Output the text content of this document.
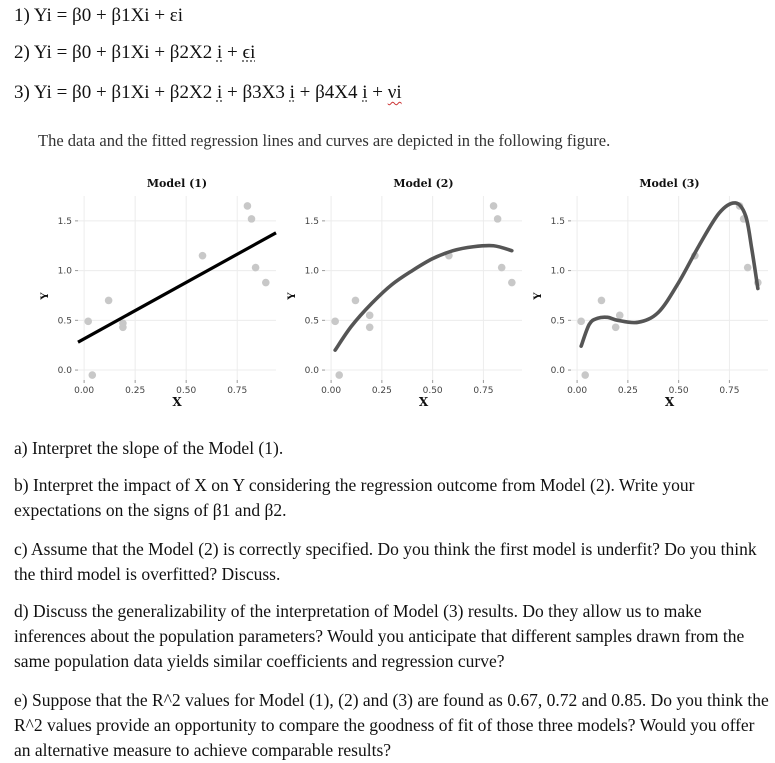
1) Yi = β0 + β1Xi + εi
2) Yi = β0 + β1Xi + β2X2 i + ϵi
3) Yi = β0 + β1Xi + β2X2 i + β3X3 i + β4X4 i + νi
The data and the fitted regression lines and curves are depicted in the following figure.
0.0
0.5
1.0
1.5
0.00	0.25	0.50	0.75
Model (1)
X
Y
0.0
0.5
1.0
1.5
0.00	0.25	0.50	0.75
Model (2)
X
Y
0.0
0.5
1.0
1.5
0.00	0.25	0.50	0.75
Model (3)
X
Y

a) Interpret the slope of the Model (1).

b) Interpret the impact of X on Y considering the regression outcome from Model (2). Write your expectations on the signs of β1 and β2.

c) Assume that the Model (2) is correctly specified. Do you think the first model is underfit? Do you think the third model is overfitted? Discuss.

d) Discuss the generalizability of the interpretation of Model (3) results. Do they allow us to make inferences about the population parameters? Would you anticipate that different samples drawn from the same population data yields similar coefficients and regression curve?

e) Suppose that the R^2 values for Model (1), (2) and (3) are found as 0.67, 0.72 and 0.85. Do you think the R^2 values provide an opportunity to compare the goodness of fit of those three models? Would you offer an alternative measure to achieve comparable results?
